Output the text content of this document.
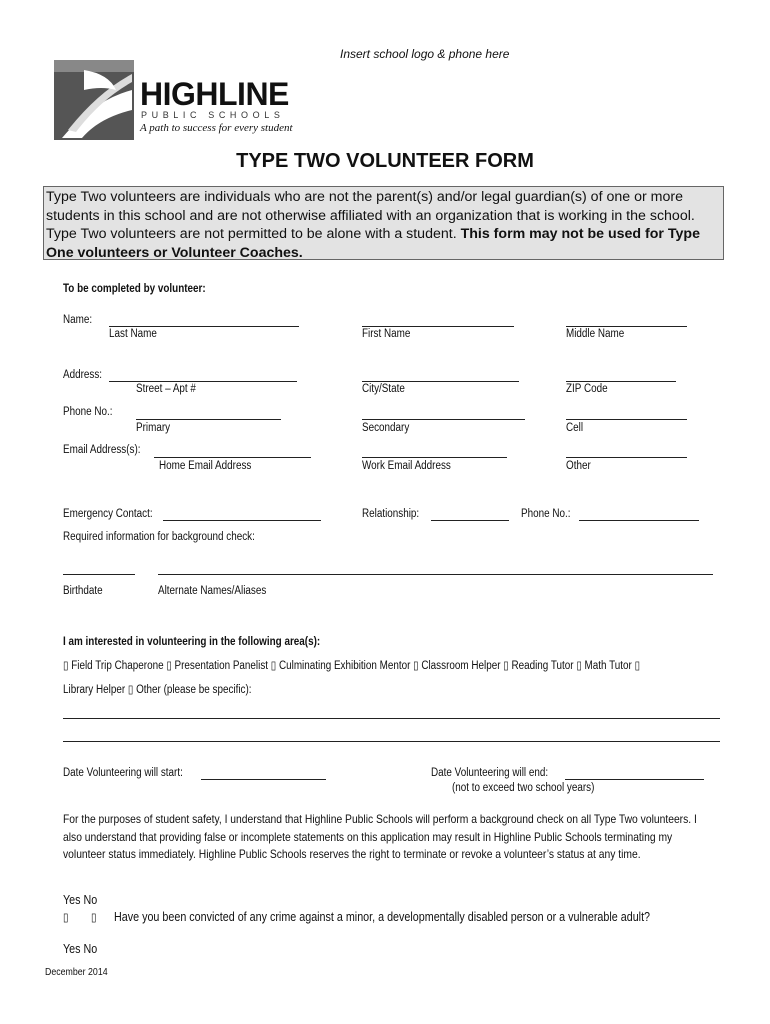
Insert school logo & phone here
HIGHLINE
PUBLIC SCHOOLS
A path to success for every student
TYPE TWO VOLUNTEER FORM
Type Two volunteers are individuals who are not the parent(s) and/or legal guardian(s) of one or more students in this school and are not otherwise affiliated with an organization that is working in the school. Type Two volunteers are not permitted to be alone with a student. This form may not be used for Type One volunteers or Volunteer Coaches.
To be completed by volunteer:
Name:
Last Name	First Name	Middle Name
Address:
Street – Apt #	City/State	ZIP Code
Phone No.:
Primary	Secondary	Cell
Email Address(s):
Home Email Address	Work Email Address	Other
Emergency Contact:	Relationship:	Phone No.:
Required information for background check:
Birthdate	Alternate Names/Aliases
I am interested in volunteering in the following area(s):
▯ Field Trip Chaperone ▯ Presentation Panelist ▯ Culminating Exhibition Mentor ▯ Classroom Helper ▯ Reading Tutor ▯ Math Tutor ▯
Library Helper ▯ Other (please be specific):
Date Volunteering will start:	Date Volunteering will end:
(not to exceed two school years)
For the purposes of student safety, I understand that Highline Public Schools will perform a background check on all Type Two volunteers. I also understand that providing false or incomplete statements on this application may result in Highline Public Schools terminating my volunteer status immediately. Highline Public Schools reserves the right to terminate or revoke a volunteer’s status at any time.
Yes No
▯ ▯ Have you been convicted of any crime against a minor, a developmentally disabled person or a vulnerable adult?
Yes No
December 2014
